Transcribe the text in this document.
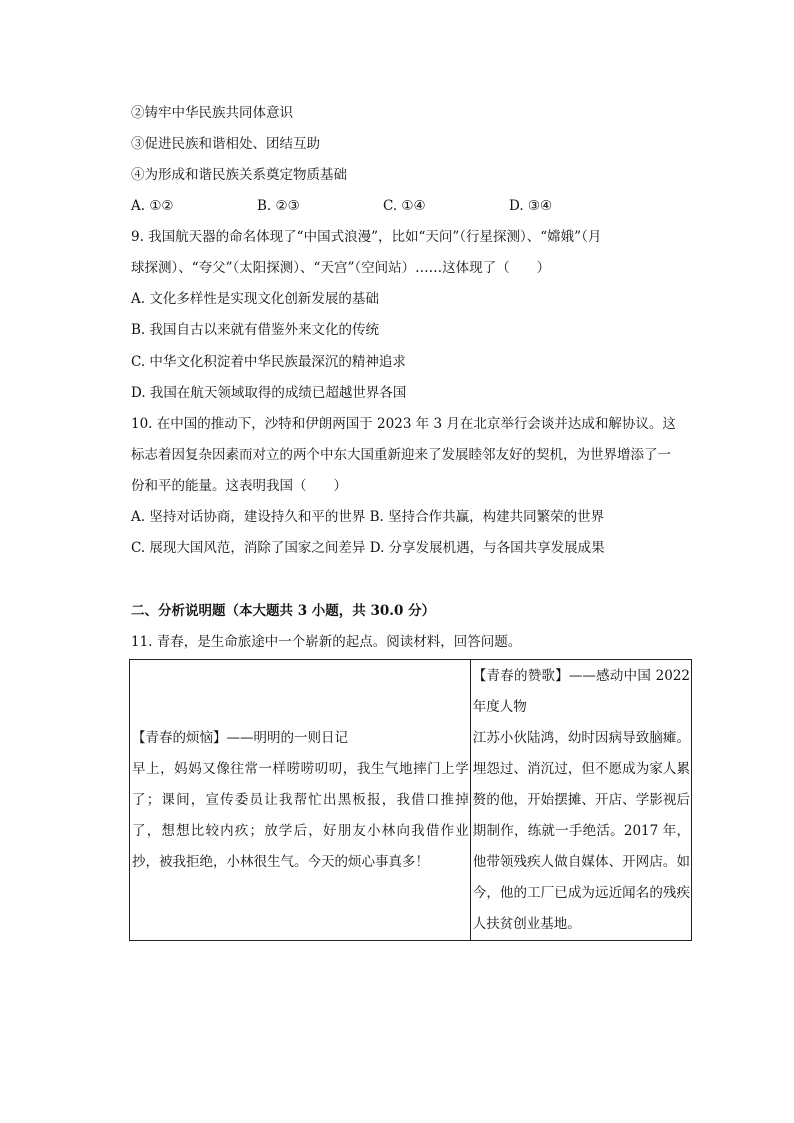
②铸牢中华民族共同体意识
③促进民族和谐相处、团结互助
④为形成和谐民族关系奠定物质基础
A. ①②	B. ②③	C. ①④	D. ③④
9. 我国航天器的命名体现了“中国式浪漫”，比如“天问”（行星探测）、“嫦娥”（月
球探测）、“夸父”（太阳探测）、“天宫”（空间站）……这体现了（　　）
A. 文化多样性是实现文化创新发展的基础
B. 我国自古以来就有借鉴外来文化的传统
C. 中华文化积淀着中华民族最深沉的精神追求
D. 我国在航天领域取得的成绩已超越世界各国
10. 在中国的推动下，沙特和伊朗两国于 2023 年 3 月在北京举行会谈并达成和解协议。这
标志着因复杂因素而对立的两个中东大国重新迎来了发展睦邻友好的契机，为世界增添了一
份和平的能量。这表明我国（　　）
A. 坚持对话协商，建设持久和平的世界 B. 坚持合作共赢，构建共同繁荣的世界
C. 展现大国风范，消除了国家之间差异 D. 分享发展机遇，与各国共享发展成果
二、分析说明题（本大题共 3 小题，共 30.0 分）
11. 青春，是生命旅途中一个崭新的起点。阅读材料，回答问题。
【青春的烦恼】——明明的一则日记
早上，妈妈又像往常一样唠唠叨叨，我生气地摔门上学了；课间，宣传委员让我帮忙出黑板报，我借口推掉了，想想比较内疚；放学后，好朋友小林向我借作业抄，被我拒绝，小林很生气。今天的烦心事真多！

【青春的赞歌】——感动中国 2022 年度人物
江苏小伙陆鸿，幼时因病导致脑瘫。埋怨过、消沉过，但不愿成为家人累赘的他，开始摆摊、开店、学影视后期制作，练就一手绝活。2017 年，他带领残疾人做自媒体、开网店。如今，他的工厂已成为远近闻名的残疾人扶贫创业基地。
